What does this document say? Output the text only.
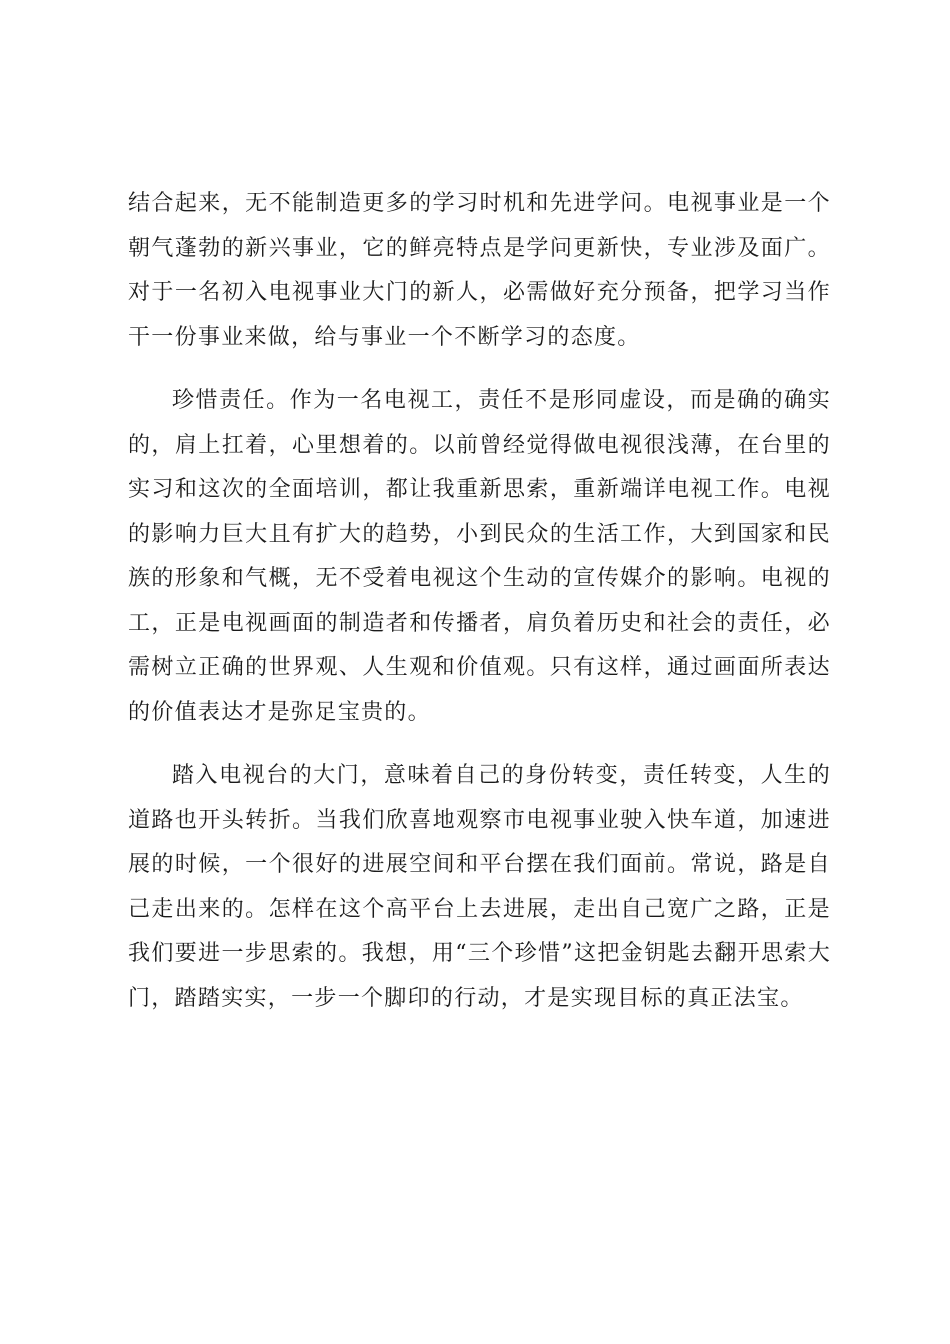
结合起来，无不能制造更多的学习时机和先进学问。电视事业是一个朝气蓬勃的新兴事业，它的鲜亮特点是学问更新快，专业涉及面广。对于一名初入电视事业大门的新人，必需做好充分预备，把学习当作干一份事业来做，给与事业一个不断学习的态度。

珍惜责任。作为一名电视工，责任不是形同虚设，而是确的确实的，肩上扛着，心里想着的。以前曾经觉得做电视很浅薄，在台里的实习和这次的全面培训，都让我重新思索，重新端详电视工作。电视的影响力巨大且有扩大的趋势，小到民众的生活工作，大到国家和民族的形象和气概，无不受着电视这个生动的宣传媒介的影响。电视的工，正是电视画面的制造者和传播者，肩负着历史和社会的责任，必需树立正确的世界观、人生观和价值观。只有这样，通过画面所表达的价值表达才是弥足宝贵的。

踏入电视台的大门，意味着自己的身份转变，责任转变，人生的道路也开头转折。当我们欣喜地观察市电视事业驶入快车道，加速进展的时候，一个很好的进展空间和平台摆在我们面前。常说，路是自己走出来的。怎样在这个高平台上去进展，走出自己宽广之路，正是我们要进一步思索的。我想，用“三个珍惜”这把金钥匙去翻开思索大门，踏踏实实，一步一个脚印的行动，才是实现目标的真正法宝。
